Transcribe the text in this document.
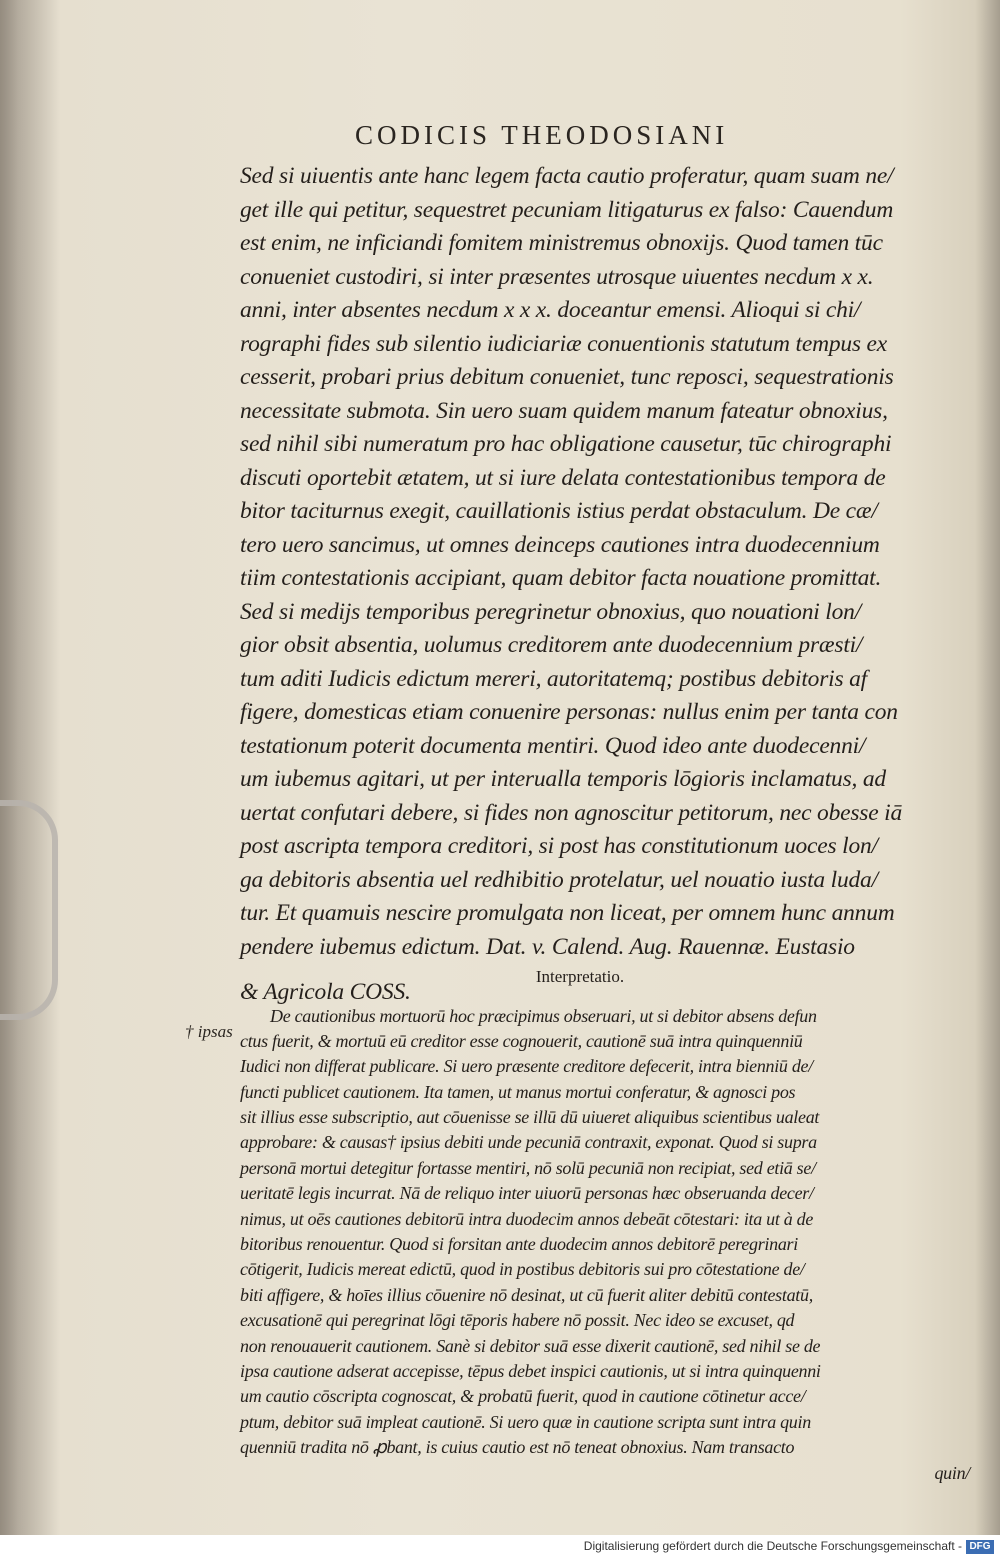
CODICIS THEODOSIANI
Sed si uiuentis ante hanc legem facta cautio proferatur, quam suam ne/
get ille qui petitur, sequestret pecuniam litigaturus ex falso: Cauendum
est enim, ne inficiandi fomitem ministremus obnoxijs. Quod tamen tūc
conueniet custodiri, si inter præsentes utrosque uiuentes necdum x x.
anni, inter absentes necdum x x x. doceantur emensi. Alioqui si chi/
rographi fides sub silentio iudiciariæ conuentionis statutum tempus ex
cesserit, probari prius debitum conueniet, tunc reposci, sequestrationis
necessitate submota. Sin uero suam quidem manum fateatur obnoxius,
sed nihil sibi numeratum pro hac obligatione causetur, tūc chirographi
discuti oportebit ætatem, ut si iure delata contestationibus tempora de
bitor taciturnus exegit, cauillationis istius perdat obstaculum. De cæ/
tero uero sancimus, ut omnes deinceps cautiones intra duodecennium
tiim contestationis accipiant, quam debitor facta nouatione promittat.
Sed si medijs temporibus peregrinetur obnoxius, quo nouationi lon/
gior obsit absentia, uolumus creditorem ante duodecennium præsti/
tum aditi Iudicis edictum mereri, autoritatemq; postibus debitoris af
figere, domesticas etiam conuenire personas: nullus enim per tanta con
testationum poterit documenta mentiri. Quod ideo ante duodecenni/
um iubemus agitari, ut per interualla temporis lōgioris inclamatus, ad
uertat confutari debere, si fides non agnoscitur petitorum, nec obesse iā
post ascripta tempora creditori, si post has constitutionum uoces lon/
ga debitoris absentia uel redhibitio protelatur, uel nouatio iusta luda/
tur. Et quamuis nescire promulgata non liceat, per omnem hunc annum
pendere iubemus edictum. Dat. v. Calend. Aug. Rauennæ. Eustasio
Interpretatio.
& Agricola COSS.
De cautionibus mortuorū hoc præcipimus obseruari, ut si debitor absens defun
ctus fuerit, & mortuū eū creditor esse cognouerit, cautionē suā intra quinquenniū
Iudici non differat publicare. Si uero præsente creditore defecerit, intra bienniū de/
functi publicet cautionem. Ita tamen, ut manus mortui conferatur, & agnosci pos
sit illius esse subscriptio, aut cōuenisse se illū dū uiueret aliquibus scientibus ualeat
approbare: & causas† ipsius debiti unde pecuniā contraxit, exponat. Quod si supra
personā mortui detegitur fortasse mentiri, nō solū pecuniā non recipiat, sed etiā se/
ueritatē legis incurrat. Nā de reliquo inter uiuorū personas hæc obseruanda decer/
nimus, ut oēs cautiones debitorū intra duodecim annos debeāt cōtestari: ita ut à de
bitoribus renouentur. Quod si forsitan ante duodecim annos debitorē peregrinari
cōtigerit, Iudicis mereat edictū, quod in postibus debitoris sui pro cōtestatione de/
biti affigere, & hoīes illius cōuenire nō desinat, ut cū fuerit aliter debitū contestatū,
excusationē qui peregrinat lōgi tēporis habere nō possit. Nec ideo se excuset, qd
non renouauerit cautionem. Sanè si debitor suā esse dixerit cautionē, sed nihil se de
ipsa cautione adserat accepisse, tēpus debet inspici cautionis, ut si intra quinquenni
um cautio cōscripta cognoscat, & probatū fuerit, quod in cautione cōtinetur acce/
ptum, debitor suā impleat cautionē. Si uero quæ in cautione scripta sunt intra quin
quenniū tradita nō ꝓbant, is cuius cautio est nō teneat obnoxius. Nam transacto
quin/
† ipsas
Digitalisierung gefördert durch die Deutsche Forschungsgemeinschaft - DFG
